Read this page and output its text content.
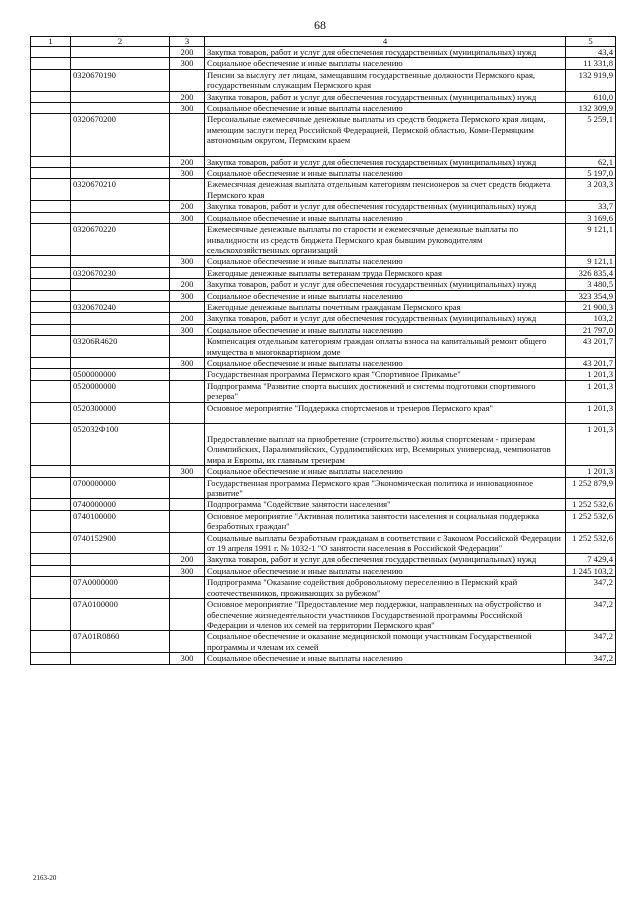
68
1	2	3	4	5
		200	Закупка товаров, работ и услуг для обеспечения государственных (муниципальных) нужд	43,4
		300	Социальное обеспечение и иные выплаты населению	11 331,8
	0320670190		Пенсии за выслугу лет лицам, замещавшим государственные должности Пермского края, государственным служащим Пермского края	132 919,9
		200	Закупка товаров, работ и услуг для обеспечения государственных (муниципальных) нужд	610,0
		300	Социальное обеспечение и иные выплаты населению	132 309,9
	0320670200		Персональные ежемесячные денежные выплаты из средств бюджета Пермского края лицам, имеющим заслуги перед Российской Федерацией, Пермской областью, Коми-Пермяцким автономным округом, Пермским краем	5 259,1
		200	Закупка товаров, работ и услуг для обеспечения государственных (муниципальных) нужд	62,1
		300	Социальное обеспечение и иные выплаты населению	5 197,0
	0320670210		Ежемесячная денежная выплата отдельным категориям пенсионеров за счет средств бюджета Пермского края	3 203,3
		200	Закупка товаров, работ и услуг для обеспечения государственных (муниципальных) нужд	33,7
		300	Социальное обеспечение и иные выплаты населению	3 169,6
	0320670220		Ежемесячные денежные выплаты по старости и ежемесячные денежные выплаты по инвалидности из средств бюджета Пермского края бывшим руководителям сельскохозяйственных организаций	9 121,1
		300	Социальное обеспечение и иные выплаты населению	9 121,1
	0320670230		Ежегодные денежные выплаты ветеранам труда Пермского края	326 835,4
		200	Закупка товаров, работ и услуг для обеспечения государственных (муниципальных) нужд	3 480,5
		300	Социальное обеспечение и иные выплаты населению	323 354,9
	0320670240		Ежегодные денежные выплаты почетным гражданам Пермского края	21 900,3
		200	Закупка товаров, работ и услуг для обеспечения государственных (муниципальных) нужд	103,2
		300	Социальное обеспечение и иные выплаты населению	21 797,0
	03206R4620		Компенсация отдельным категориям граждан оплаты взноса на капитальный ремонт общего имущества в многоквартирном доме	43 201,7
		300	Социальное обеспечение и иные выплаты населению	43 201,7
	0500000000		Государственная программа Пермского края "Спортивное Прикамье"	1 201,3
	0520000000		Подпрограмма "Развитие спорта высших достижений и системы подготовки спортивного резерва"	1 201,3
	0520300000		Основное мероприятие "Поддержка спортсменов и тренеров Пермского края"	1 201,3
	052032Ф100		Предоставление выплат на приобретение (строительство) жилья спортсменам - призерам Олимпийских, Паралимпийских, Сурдлимпийских игр, Всемирных универсиад, чемпионатов мира и Европы, их главным тренерам	1 201,3
		300	Социальное обеспечение и иные выплаты населению	1 201,3
	0700000000		Государственная программа Пермского края "Экономическая политика и инновационное развитие"	1 252 879,9
	0740000000		Подпрограмма "Содействие занятости населения"	1 252 532,6
	0740100000		Основное мероприятие "Активная политика занятости населения и социальная поддержка безработных граждан"	1 252 532,6
	0740152900		Социальные выплаты безработным гражданам в соответствии с Законом Российской Федерации от 19 апреля 1991 г. № 1032-1 "О занятости населения в Российской Федерации"	1 252 532,6
		200	Закупка товаров, работ и услуг для обеспечения государственных (муниципальных) нужд	7 429,4
		300	Социальное обеспечение и иные выплаты населению	1 245 103,2
	07А0000000		Подпрограмма "Оказание содействия добровольному переселению в Пермский край соотечественников, проживающих за рубежом"	347,2
	07А0100000		Основное мероприятие "Предоставление мер поддержки, направленных на обустройство и обеспечение жизнедеятельности участников Государственной программы Российской Федерации и членов их семей на территории Пермского края"	347,2
	07А01R0860		Социальное обеспечение и оказание медицинской помощи участникам Государственной программы и членам их семей	347,2
		300	Социальное обеспечение и иные выплаты населению	347,2
2163-20
